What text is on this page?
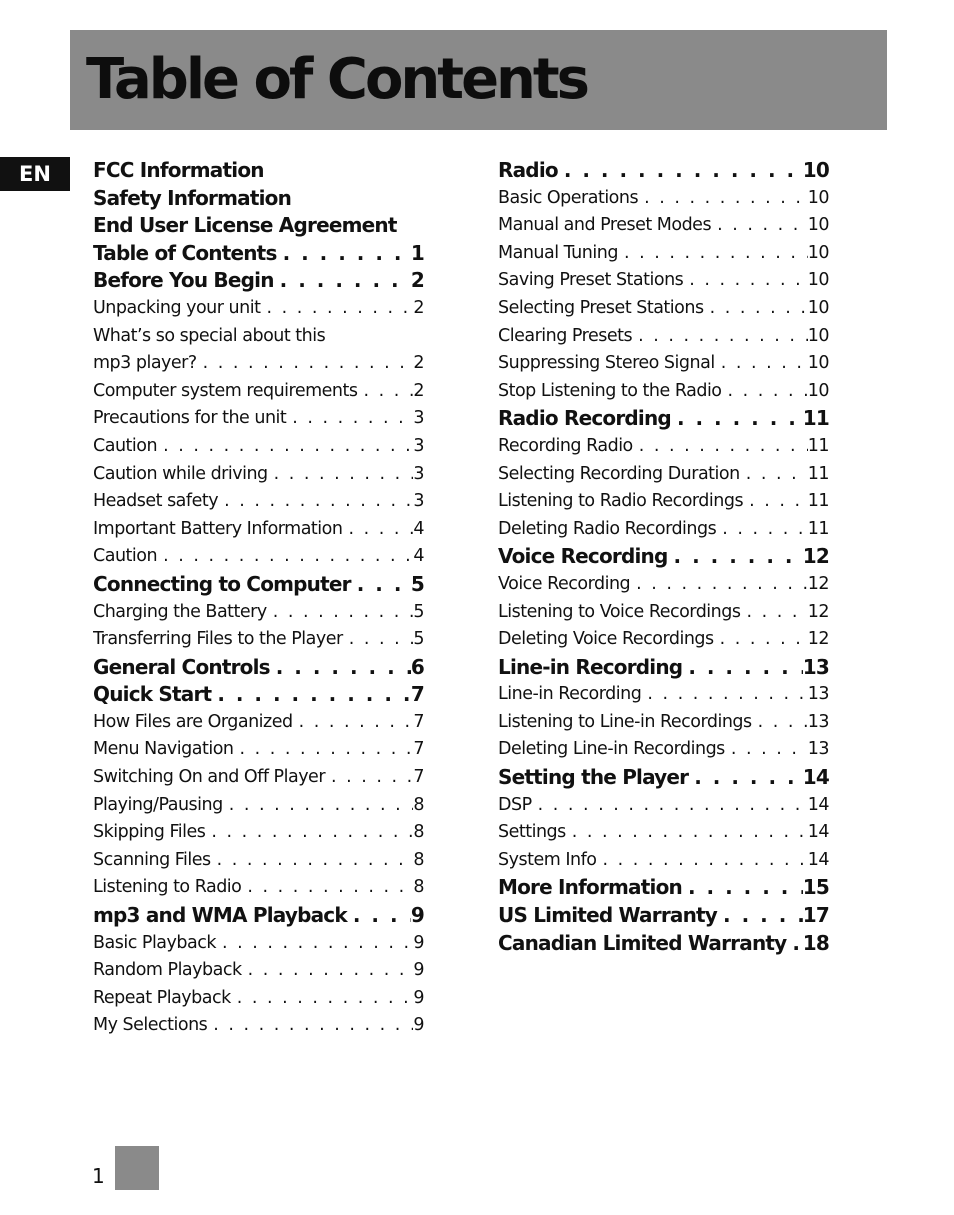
Table of Contents
EN	FCC Information
Safety Information
End User License Agreement
Table of Contents . . .	1
Before You Begin . . .	2
Unpacking your unit . . .	2
What’s so special about this
mp3 player? . . .	2
Computer system requirements . . .	2
Precautions for the unit . . .	3
Caution . . .	3
Caution while driving . . .	3
Headset safety . . .	3
Important Battery Information . . .	4
Caution . . .	4
Connecting to Computer . . .	5
Charging the Battery . . .	5
Transferring Files to the Player . . .	5
General Controls . . .	6
Quick Start . . .	7
How Files are Organized . . .	7
Menu Navigation . . .	7
Switching On and Off Player . . .	7
Playing/Pausing . . .	8
Skipping Files . . .	8
Scanning Files . . .	8
Listening to Radio . . .	8
mp3 and WMA Playback . . .	9
Basic Playback . . .	9
Random Playback . . .	9
Repeat Playback . . .	9
My Selections . . .	9
Radio . . .	10
Basic Operations . . .	10
Manual and Preset Modes . . .	10
Manual Tuning . . .	10
Saving Preset Stations . . .	10
Selecting Preset Stations . . .	10
Clearing Presets . . .	10
Suppressing Stereo Signal . . .	10
Stop Listening to the Radio . . .	10
Radio Recording . . .	11
Recording Radio . . .	11
Selecting Recording Duration . . .	11
Listening to Radio Recordings . . .	11
Deleting Radio Recordings . . .	11
Voice Recording . . .	12
Voice Recording . . .	12
Listening to Voice Recordings . . .	12
Deleting Voice Recordings . . .	12
Line-in Recording . . .	13
Line-in Recording . . .	13
Listening to Line-in Recordings . . .	13
Deleting Line-in Recordings . . .	13
Setting the Player . . .	14
DSP . . .	14
Settings . . .	14
System Info . . .	14
More Information . . .	15
US Limited Warranty . . .	17
Canadian Limited Warranty . . . 18
1
